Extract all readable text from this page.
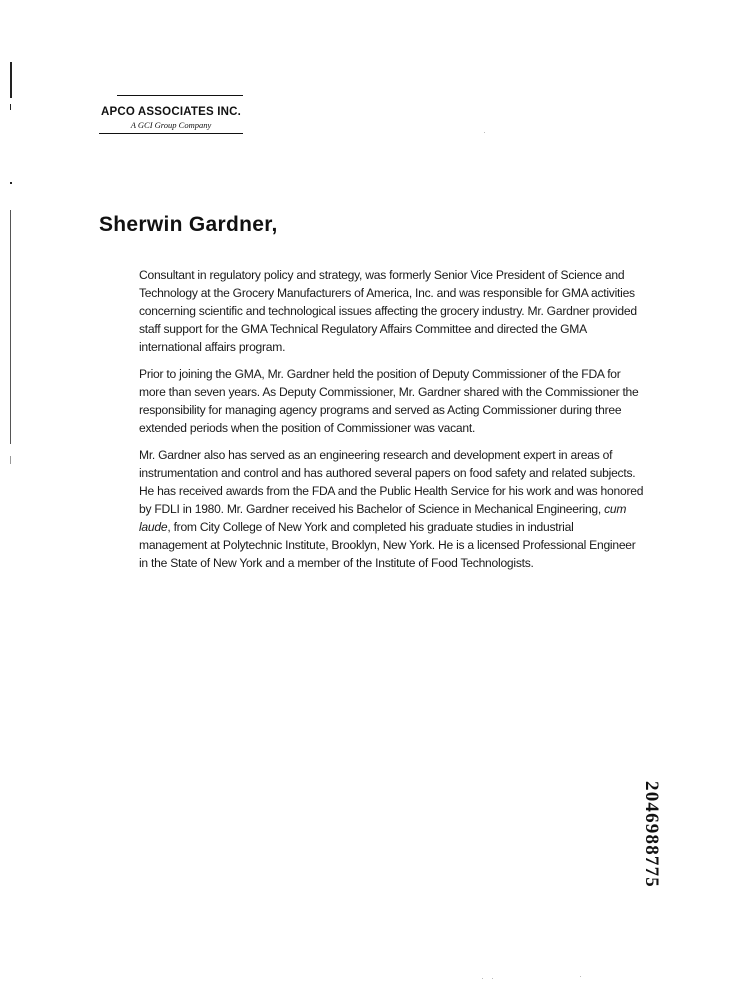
APCO ASSOCIATES INC.
A GCI Group Company
Sherwin Gardner,

Consultant in regulatory policy and strategy, was formerly Senior Vice President of Science and Technology at the Grocery Manufacturers of America, Inc. and was responsible for GMA activities concerning scientific and technological issues affecting the grocery industry. Mr. Gardner provided staff support for the GMA Technical Regulatory Affairs Committee and directed the GMA international affairs program.

Prior to joining the GMA, Mr. Gardner held the position of Deputy Commissioner of the FDA for more than seven years. As Deputy Commissioner, Mr. Gardner shared with the Commissioner the responsibility for managing agency programs and served as Acting Commissioner during three extended periods when the position of Commissioner was vacant.

Mr. Gardner also has served as an engineering research and development expert in areas of instrumentation and control and has authored several papers on food safety and related subjects. He has received awards from the FDA and the Public Health Service for his work and was honored by FDLI in 1980. Mr. Gardner received his Bachelor of Science in Mechanical Engineering, cum laude, from City College of New York and completed his graduate studies in industrial management at Polytechnic Institute, Brooklyn, New York. He is a licensed Professional Engineer in the State of New York and a member of the Institute of Food Technologists.

2046988775
